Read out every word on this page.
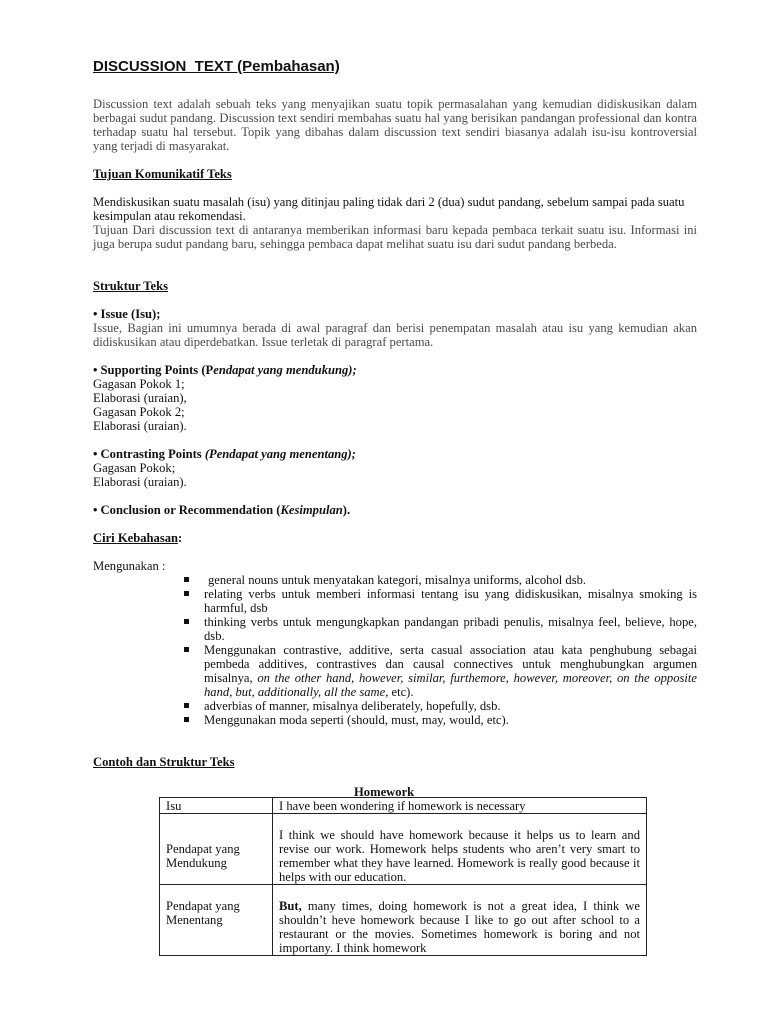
DISCUSSION  TEXT (Pembahasan)
Discussion text adalah sebuah teks yang menyajikan suatu topik permasalahan yang kemudian didiskusikan dalam berbagai sudut pandang. Discussion text sendiri membahas suatu hal yang berisikan pandangan professional dan kontra terhadap suatu hal tersebut. Topik yang dibahas dalam discussion text sendiri biasanya adalah isu-isu kontroversial yang terjadi di masyarakat.
Tujuan Komunikatif Teks
Mendiskusikan suatu masalah (isu) yang ditinjau paling tidak dari 2 (dua) sudut pandang, sebelum sampai pada suatu kesimpulan atau rekomendasi.
Tujuan Dari discussion text di antaranya memberikan informasi baru kepada pembaca terkait suatu isu. Informasi ini juga berupa sudut pandang baru, sehingga pembaca dapat melihat suatu isu dari sudut pandang berbeda.
Struktur Teks
• Issue (Isu);
Issue, Bagian ini umumnya berada di awal paragraf dan berisi penempatan masalah atau isu yang kemudian akan didiskusikan atau diperdebatkan. Issue terletak di paragraf pertama.
• Supporting Points (Pendapat yang mendukung);
Gagasan Pokok 1;
Elaborasi (uraian),
Gagasan Pokok 2;
Elaborasi (uraian).
• Contrasting Points (Pendapat yang menentang);
Gagasan Pokok;
Elaborasi (uraian).
• Conclusion or Recommendation (Kesimpulan).
Ciri Kebahasan:
Mengunakan :
general nouns untuk menyatakan kategori, misalnya uniforms, alcohol dsb.
relating verbs untuk memberi informasi tentang isu yang didiskusikan, misalnya smoking is harmful, dsb
thinking verbs untuk mengungkapkan pandangan pribadi penulis, misalnya feel, believe, hope, dsb.
Menggunakan contrastive, additive, serta casual association atau kata penghubung sebagai pembeda additives, contrastives dan causal connectives untuk menghubungkan argumen misalnya, on the other hand, however, similar, furthemore, however, moreover, on the opposite hand, but, additionally, all the same, etc).
adverbias of manner, misalnya deliberately, hopefully, dsb.
Menggunakan moda seperti (should, must, may, would, etc).
Contoh dan Struktur Teks
Homework
Isu	I have been wondering if homework is necessary
Pendapat yang Mendukung	I think we should have homework because it helps us to learn and revise our work. Homework helps students who aren’t very smart to remember what they have learned. Homework is really good because it helps with our education.
Pendapat yang Menentang	But, many times, doing homework is not a great idea, I think we shouldn’t heve homework because I like to go out after school to a restaurant or the movies. Sometimes homework is boring and not importany. I think homework
